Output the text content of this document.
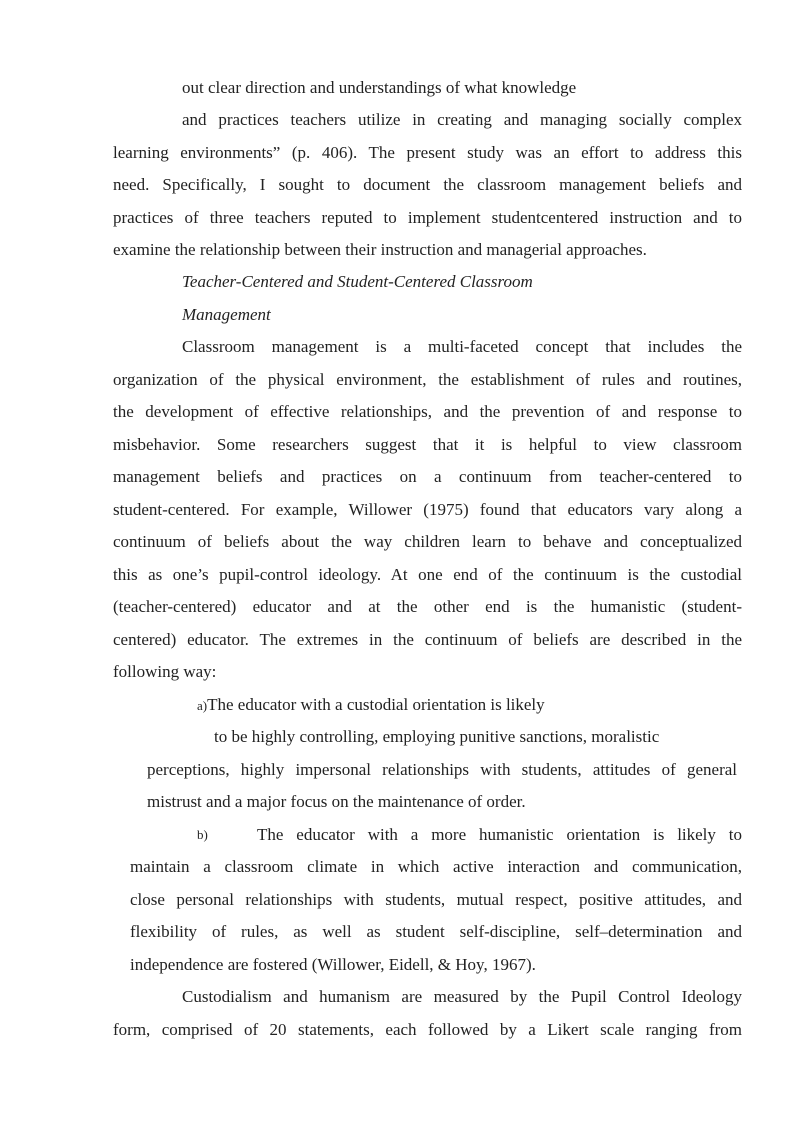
out clear direction and understandings of what knowledge
and practices teachers utilize in creating and managing socially complex
learning environments” (p. 406). The present study was an effort to address this
need. Specifically, I sought to document the classroom management beliefs and
practices of three teachers reputed to implement studentcentered instruction and to
examine the relationship between their instruction and managerial approaches.
Teacher-Centered and Student-Centered Classroom
Management
Classroom management is a multi-faceted concept that includes the
organization of the physical environment, the establishment of rules and routines,
the development of effective relationships, and the prevention of and response to
misbehavior. Some researchers suggest that it is helpful to view classroom
management beliefs and practices on a continuum from teacher-centered to
student-centered. For example, Willower (1975) found that educators vary along a
continuum of beliefs about the way children learn to behave and conceptualized
this as one’s pupil-control ideology. At one end of the continuum is the custodial
(teacher-centered) educator and at the other end is the humanistic (student-
centered) educator. The extremes in the continuum of beliefs are described in the
following way:
a)The educator with a custodial orientation is likely
to be highly controlling, employing punitive sanctions, moralistic
perceptions, highly impersonal relationships with students, attitudes of general
mistrust and a major focus on the maintenance of order.
b)	The educator with a more humanistic orientation is likely to
maintain a classroom climate in which active interaction and communication,
close personal relationships with students, mutual respect, positive attitudes, and
flexibility of rules, as well as student self-discipline, self–determination and
independence are fostered (Willower, Eidell, & Hoy, 1967).
Custodialism and humanism are measured by the Pupil Control Ideology
form, comprised of 20 statements, each followed by a Likert scale ranging from
